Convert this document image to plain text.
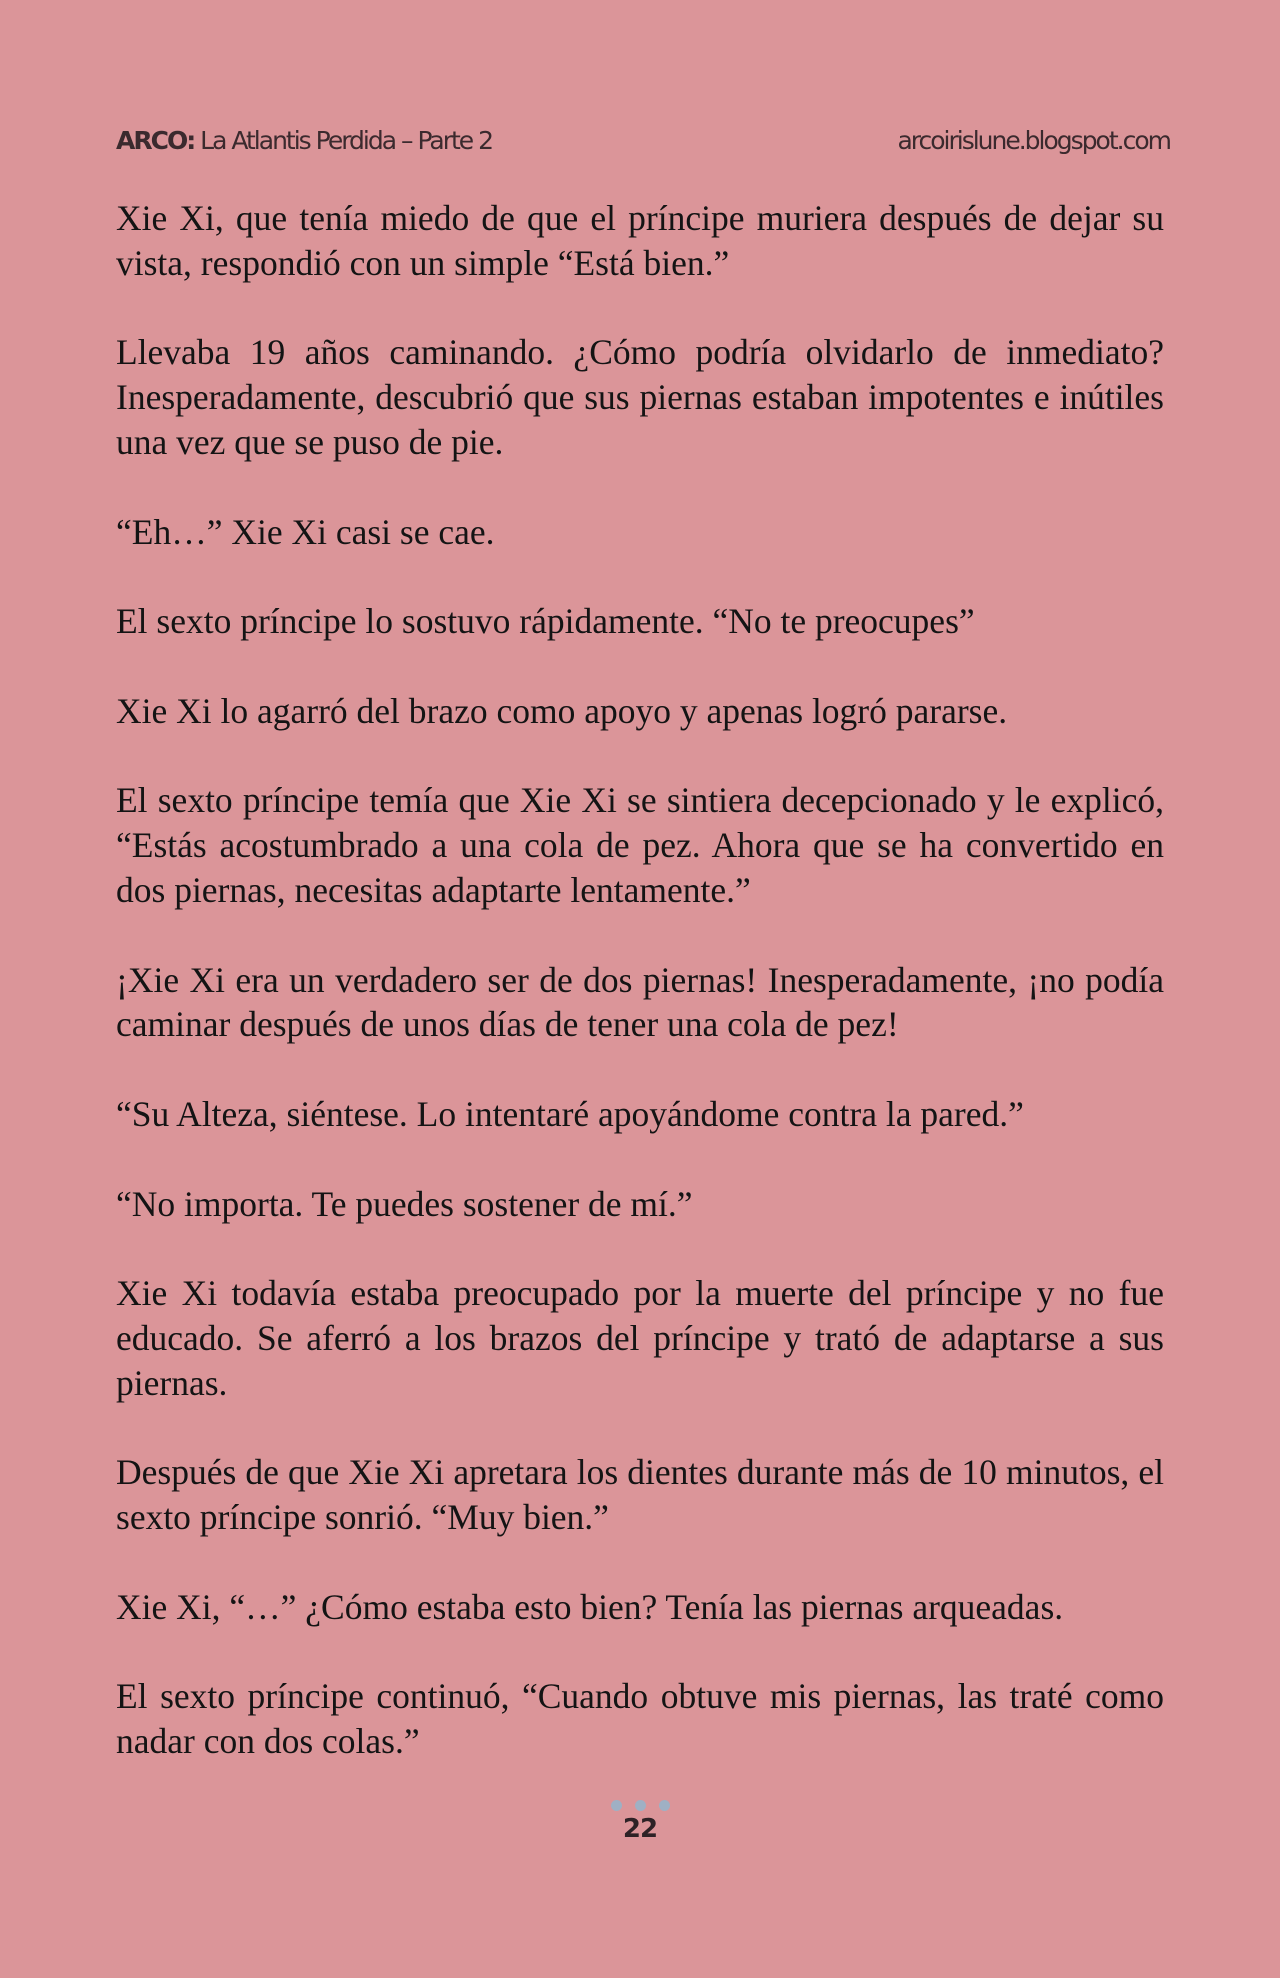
ARCO: La Atlantis Perdida – Parte 2	arcoirislune.blogspot.com

Xie Xi, que tenía miedo de que el príncipe muriera después de dejar su vista, respondió con un simple “Está bien.”

Llevaba 19 años caminando. ¿Cómo podría olvidarlo de inmediato? Inesperadamente, descubrió que sus piernas estaban impotentes e inútiles una vez que se puso de pie.

“Eh…” Xie Xi casi se cae.

El sexto príncipe lo sostuvo rápidamente. “No te preocupes”

Xie Xi lo agarró del brazo como apoyo y apenas logró pararse.

El sexto príncipe temía que Xie Xi se sintiera decepcionado y le explicó, “Estás acostumbrado a una cola de pez. Ahora que se ha convertido en dos piernas, necesitas adaptarte lentamente.”

¡Xie Xi era un verdadero ser de dos piernas! Inesperadamente, ¡no podía caminar después de unos días de tener una cola de pez!

“Su Alteza, siéntese. Lo intentaré apoyándome contra la pared.”

“No importa. Te puedes sostener de mí.”

Xie Xi todavía estaba preocupado por la muerte del príncipe y no fue educado. Se aferró a los brazos del príncipe y trató de adaptarse a sus piernas.

Después de que Xie Xi apretara los dientes durante más de 10 minutos, el sexto príncipe sonrió. “Muy bien.”

Xie Xi, “…” ¿Cómo estaba esto bien? Tenía las piernas arqueadas.

El sexto príncipe continuó, “Cuando obtuve mis piernas, las traté como nadar con dos colas.”

22
